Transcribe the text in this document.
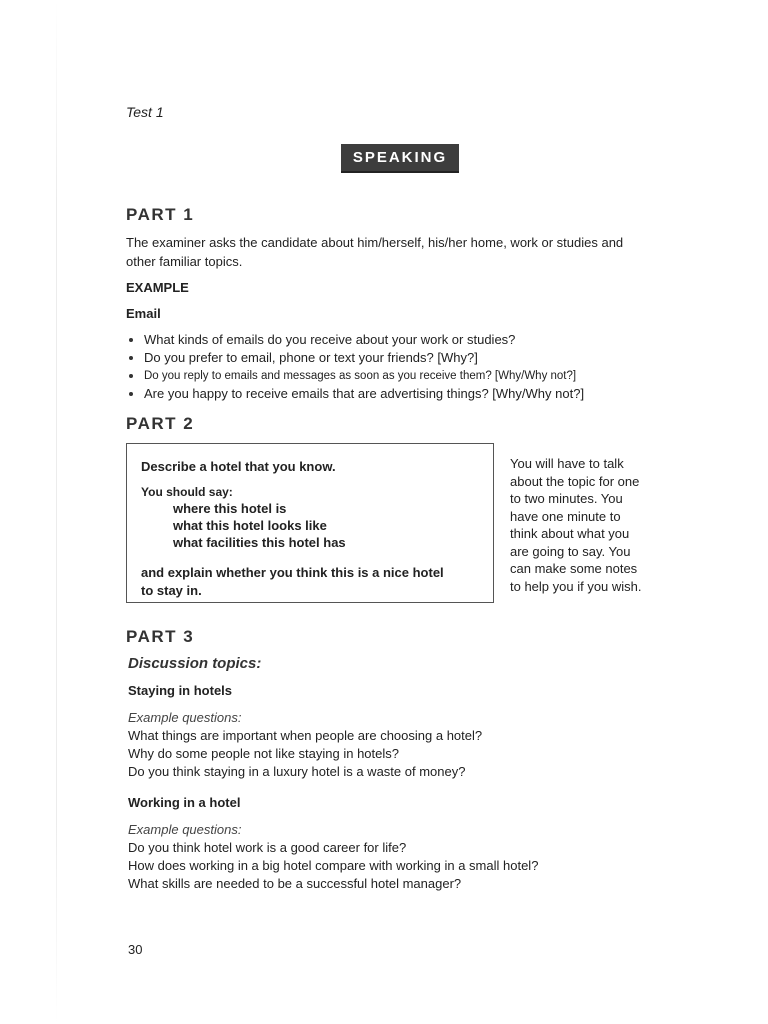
Test 1
SPEAKING
PART 1
The examiner asks the candidate about him/herself, his/her home, work or studies and
other familiar topics.
EXAMPLE
Email
What kinds of emails do you receive about your work or studies?
Do you prefer to email, phone or text your friends? [Why?]
Do you reply to emails and messages as soon as you receive them? [Why/Why not?]
Are you happy to receive emails that are advertising things? [Why/Why not?]
PART 2
Describe a hotel that you know.
You should say:
where this hotel is
what this hotel looks like
what facilities this hotel has
and explain whether you think this is a nice hotel
to stay in.
You will have to talk
about the topic for one
to two minutes. You
have one minute to
think about what you
are going to say. You
can make some notes
to help you if you wish.
PART 3
Discussion topics:
Staying in hotels
Example questions:
What things are important when people are choosing a hotel?
Why do some people not like staying in hotels?
Do you think staying in a luxury hotel is a waste of money?
Working in a hotel
Example questions:
Do you think hotel work is a good career for life?
How does working in a big hotel compare with working in a small hotel?
What skills are needed to be a successful hotel manager?
30
